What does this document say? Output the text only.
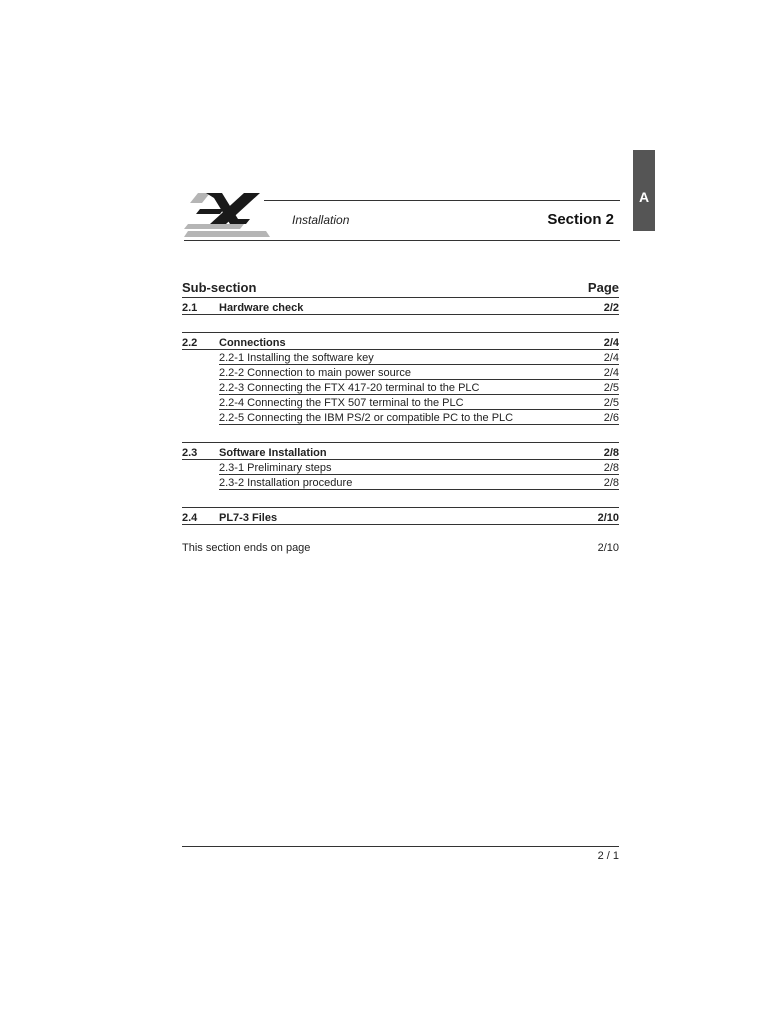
A
Installation	Section 2
Sub-section	Page
2.1	Hardware check	2/2
2.2	Connections	2/4
2.2-1 Installing the software key	2/4
2.2-2 Connection to main power source	2/4
2.2-3 Connecting the FTX 417-20 terminal to the PLC	2/5
2.2-4 Connecting the FTX 507 terminal to the PLC	2/5
2.2-5 Connecting the IBM PS/2 or compatible PC to the PLC	2/6
2.3	Software Installation	2/8
2.3-1 Preliminary steps	2/8
2.3-2 Installation procedure	2/8
2.4	PL7-3 Files	2/10
This section ends on page	2/10
2 / 1
